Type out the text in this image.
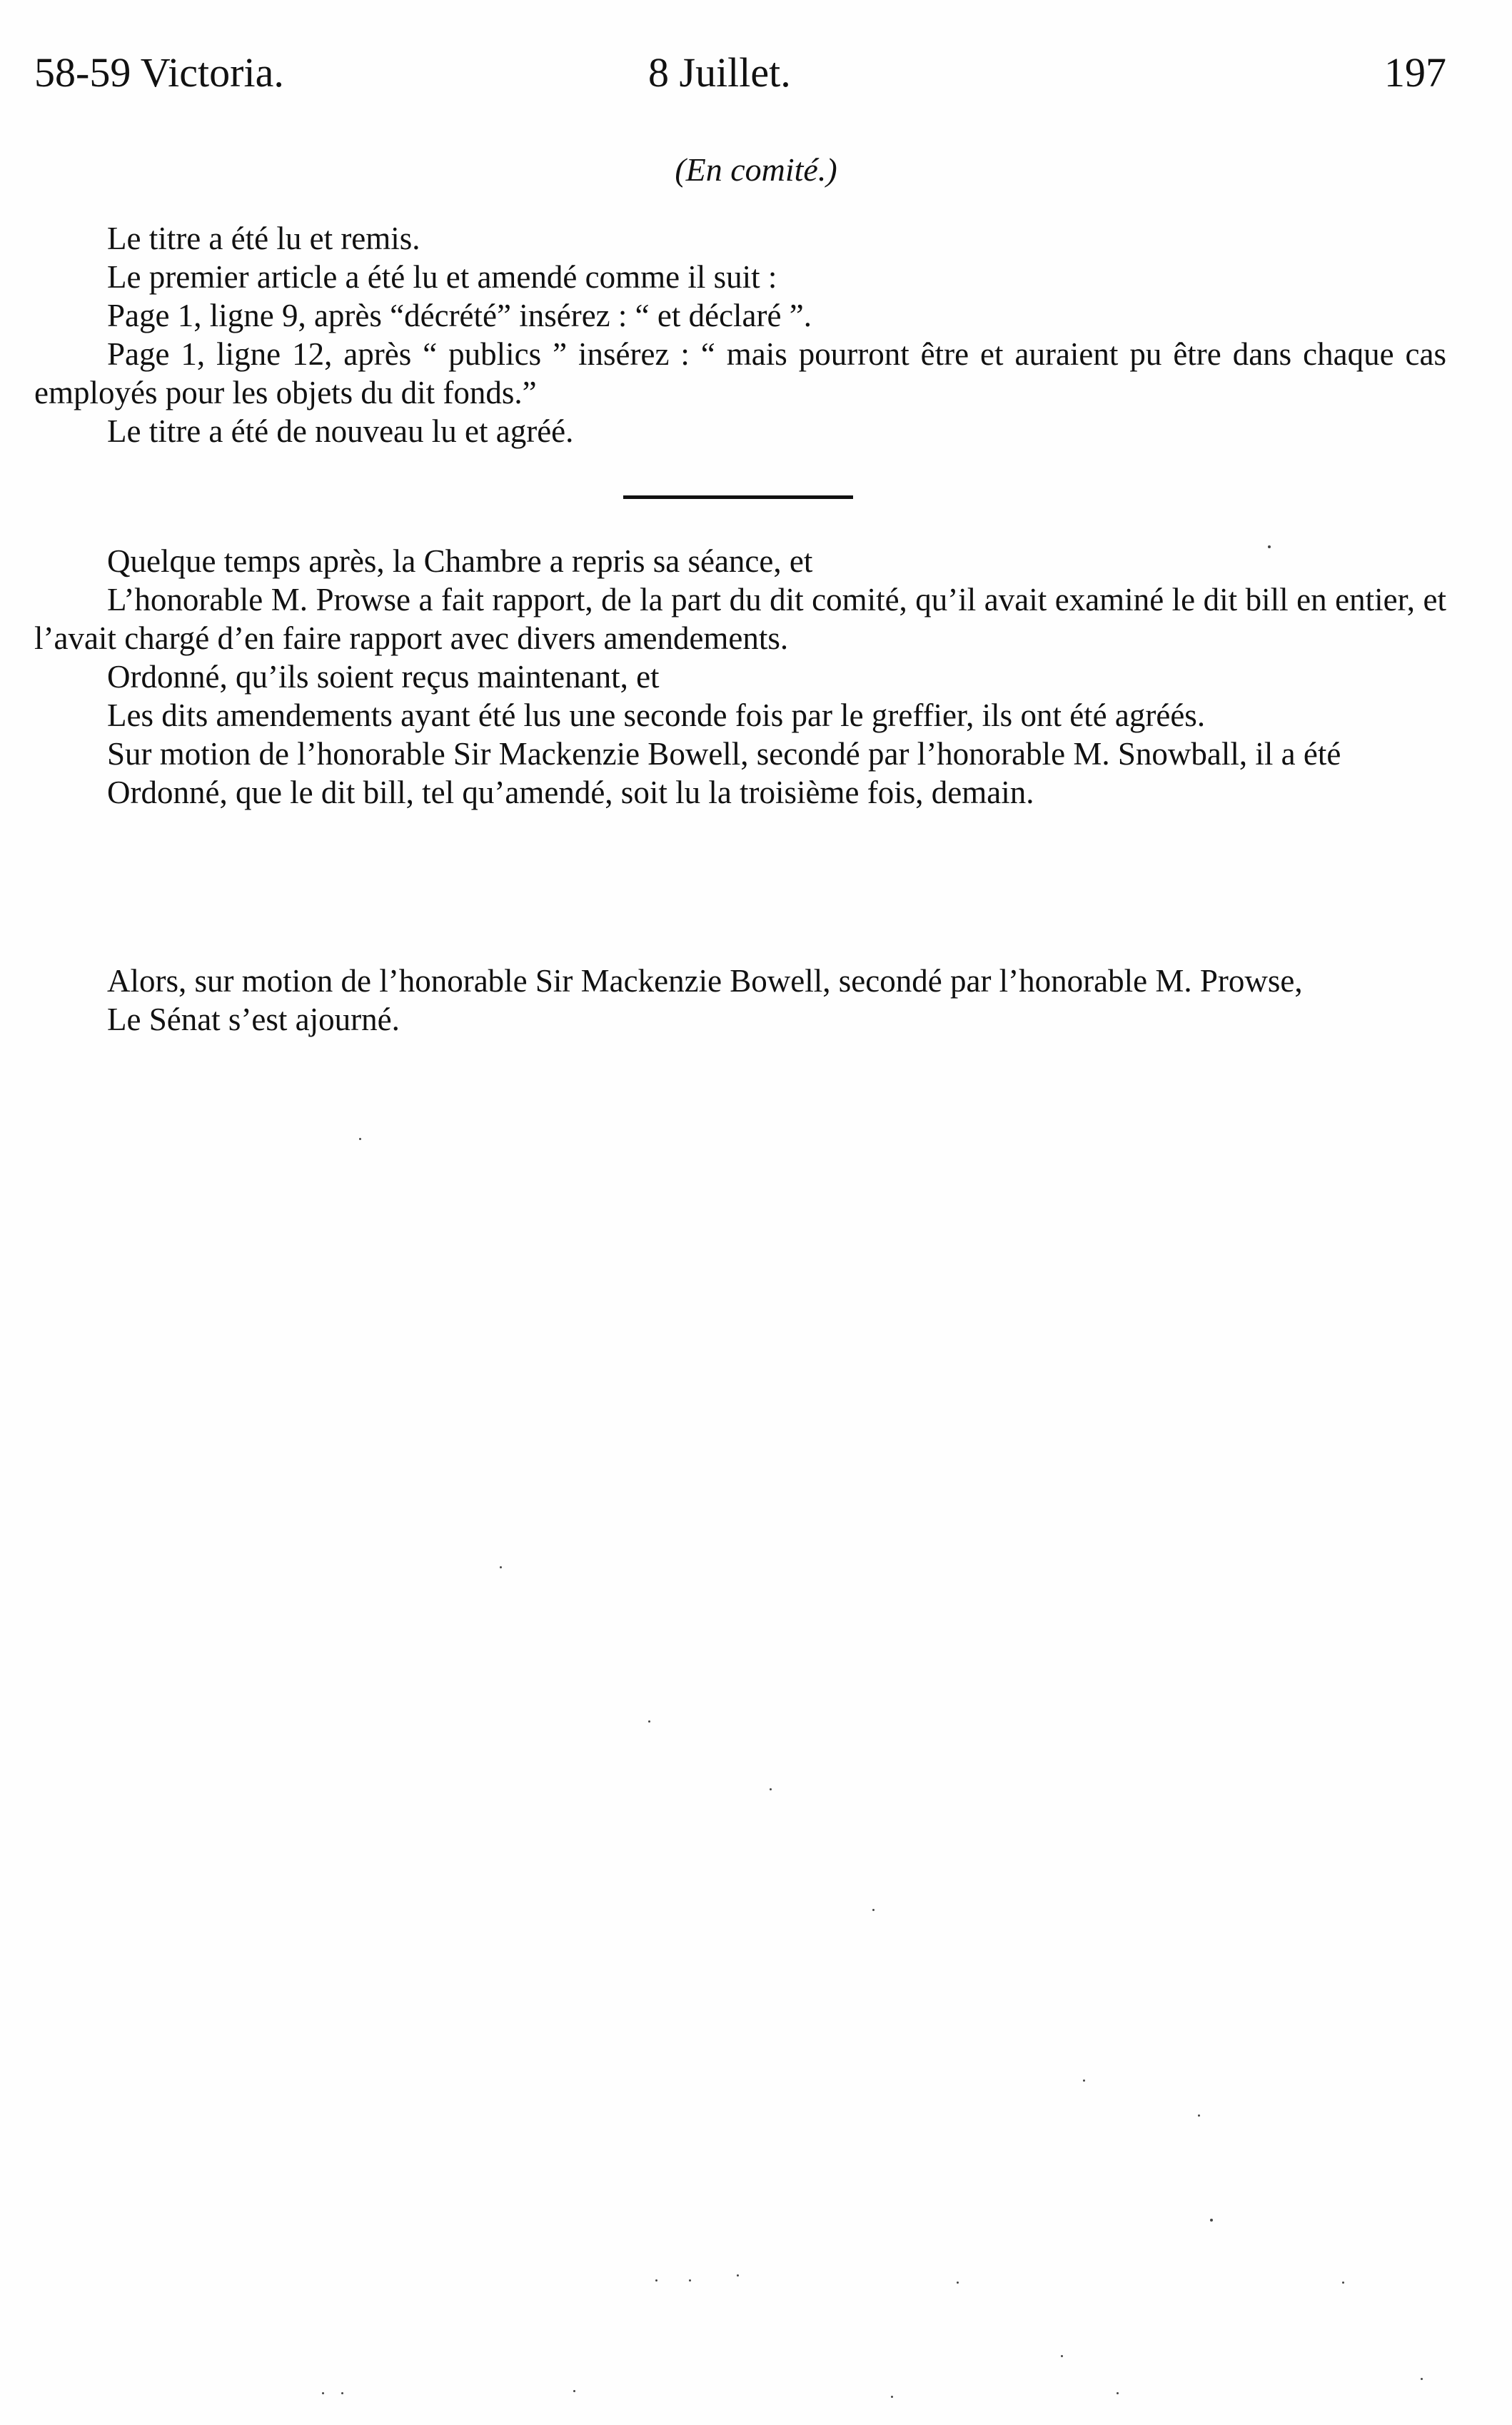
58-59 Victoria.	8 Juillet.	197
(En comité.)

Le titre a été lu et remis.

Le premier article a été lu et amendé comme il suit :

Page 1, ligne 9, après “décrété” insérez : “ et déclaré ”.

Page 1, ligne 12, après “ publics ” insérez : “ mais pourront être et auraient pu être dans chaque cas employés pour les objets du dit fonds.”

Le titre a été de nouveau lu et agréé.

Quelque temps après, la Chambre a repris sa séance, et

L’honorable M. Prowse a fait rapport, de la part du dit comité, qu’il avait examiné le dit bill en entier, et l’avait chargé d’en faire rapport avec divers amendements.

Ordonné, qu’ils soient reçus maintenant, et

Les dits amendements ayant été lus une seconde fois par le greffier, ils ont été agréés.

Sur motion de l’honorable Sir Mackenzie Bowell, secondé par l’honorable M. Snowball, il a été

Ordonné, que le dit bill, tel qu’amendé, soit lu la troisième fois, demain.

Alors, sur motion de l’honorable Sir Mackenzie Bowell, secondé par l’honorable M. Prowse,

Le Sénat s’est ajourné.
